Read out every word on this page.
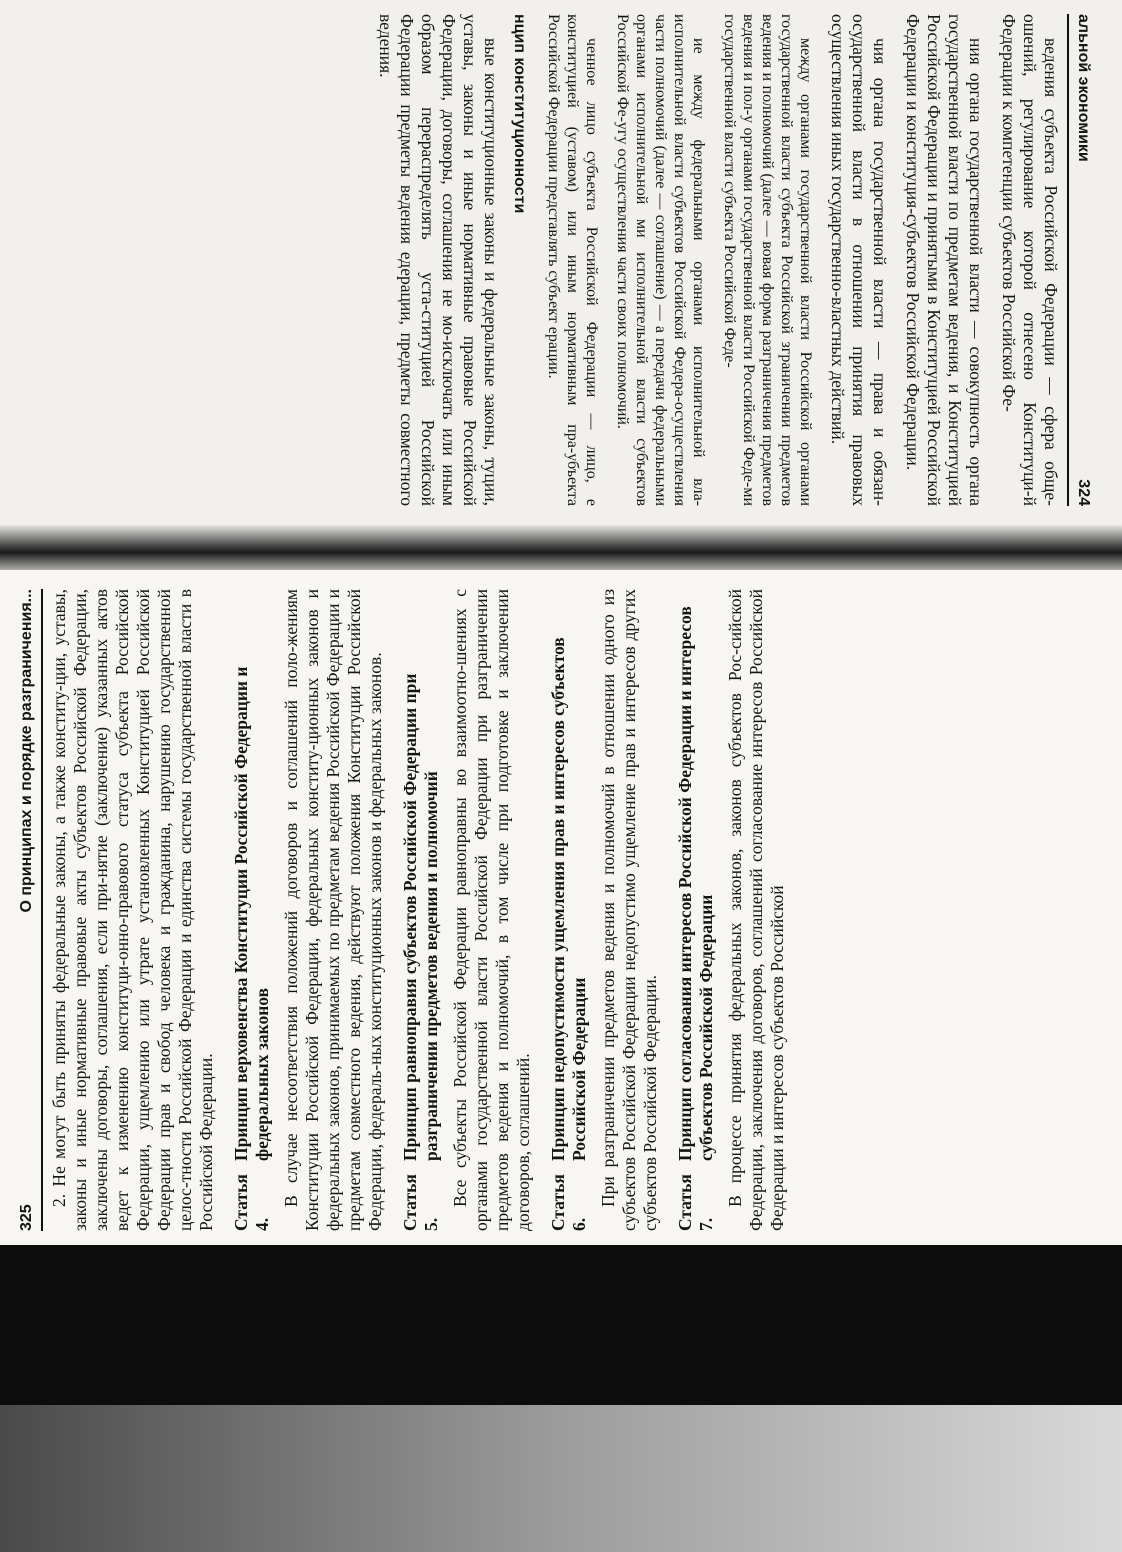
альной экономики
324

ведения субъекта Российской Федерации — сфера обще-ошений, регулирование которой отнесено Конституци-й Федерации к компетенции субъектов Российской Фе-

ния органа государственной власти — совокупность органа государственной власти по предметам ведения, и Конституцией Российской Федерации и принятыми в Конституцией Российской Федерации и конституция-субъектов Российской Федерации.

чия органа государственной власти — права и обязан-осударственной власти в отношении принятия правовых осуществления иных государственно-властных действий.

между органами государственной власти Российской органами государственной власти субъекта Российской зграничении предметов ведения и полномочий (далее — вовая форма разграничения предметов ведения и пол-у органами государственной власти Российской Феде-ми государственной власти субъекта Российской Феде-

ие между федеральными органами исполнительной вла-исполнительной власти субъектов Российской Федера-осуществления части полномочий (далее — соглашение) — а передачи федеральными органами исполнительной ми исполнительной власти субъектов Российской Фе-угу осуществления части своих полномочий.

ченное лицо субъекта Российской Федерации — лицо, е конституцией (уставом) или иным нормативным пра-убъекта Российской Федерации представлять субъект ерации.

нцип конституционности

вые конституционные законы и федеральные законы, туции, уставы, законы и иные нормативные правовые Российской Федерации, договоры, соглашения не мо-исключать или иным образом перераспределять уста-ституцией Российской Федерации предметы ведения едерации, предметы совместного ведения.

325
О принципах и порядке разграничения... 2. Не могут быть приняты федеральные законы, а также конститу-ции, уставы, законы и иные нормативные правовые акты субъектов Российской Федерации, заключены договоры, соглашения, если при-нятие (заключение) указанных актов ведет к изменению конституци-онно-правового статуса субъекта Российской Федерации, ущемлению или утрате установленных Конституцией Российской Федерации прав и свобод человека и гражданина, нарушению государственной целос-тности Российской Федерации и единства системы государственной власти в Российской Федерации. Статья 4.
Принцип верховенства Конституции Российской Федерации и федеральных законов В случае несоответствия положений договоров и соглашений поло-жениям Конституции Российской Федерации, федеральных конститу-ционных законов и федеральных законов, принимаемых по предметам ведения Российской Федерации и предметам совместного ведения, действуют положения Конституции Российской Федерации, федераль-ных конституционных законов и федеральных законов. Статья 5.
Принцип равноправия субъектов Российской Федерации при разграничении предметов ведения и полномочий Все субъекты Российской Федерации равноправны во взаимоотно-шениях с органами государственной власти Российской Федерации при разграничении предметов ведения и полномочий, в том числе при подготовке и заключении договоров, соглашений. Статья 6.
Принцип недопустимости ущемления прав и интересов субъектов Российской Федерации При разграничении предметов ведения и полномочий в отношении одного из субъектов Российской Федерации недопустимо ущемление прав и интересов других субъектов Российской Федерации. Статья 7.
Принцип согласования интересов Российской Федерации и интересов субъектов Российской Федерации В процессе принятия федеральных законов, законов субъектов Рос-сийской Федерации, заключения договоров, соглашений согласование интересов Российской Федерации и интересов субъектов Российской
